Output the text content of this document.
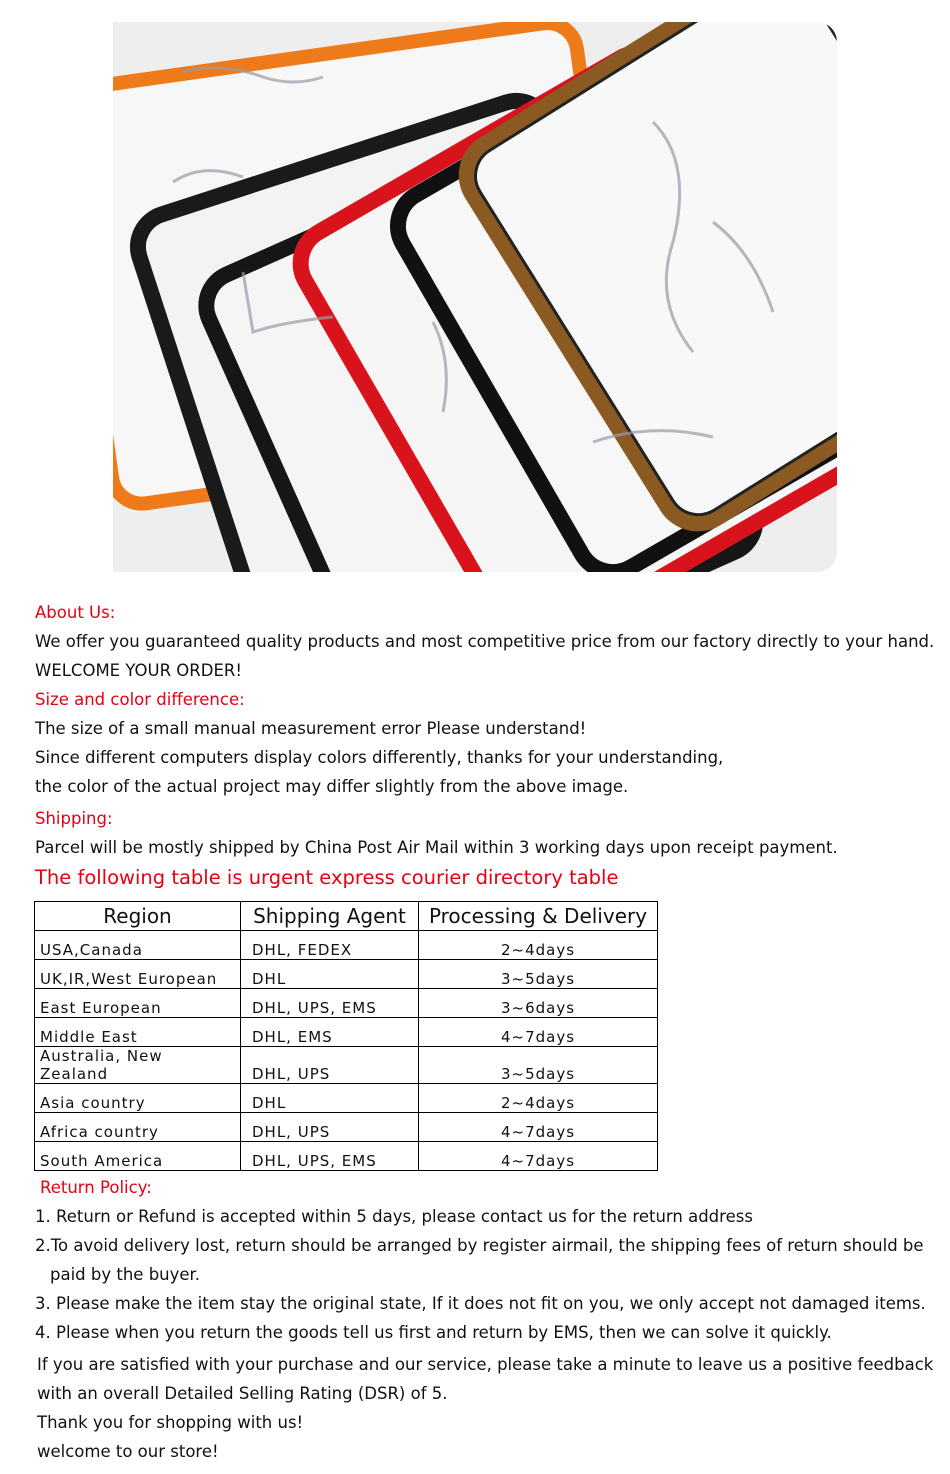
About Us:
We offer you guaranteed quality products and most competitive price from our factory directly to your hand.
WELCOME YOUR ORDER!
Size and color difference:
The size of a small manual measurement error Please understand!
Since different computers display colors differently, thanks for your understanding,
the color of the actual project may differ slightly from the above image.
Shipping:
Parcel will be mostly shipped by China Post Air Mail within 3 working days upon receipt payment.
The following table is urgent express courier directory table
Region	Shipping Agent	Processing & Delivery
USA,Canada	DHL, FEDEX	2~4days
UK,IR,West European	DHL	3~5days
East European	DHL, UPS, EMS	3~6days
Middle East	DHL, EMS	4~7days
Australia, New Zealand	DHL, UPS	3~5days
Asia country	DHL	2~4days
Africa country	DHL, UPS	4~7days
South America	DHL, UPS, EMS	4~7days
Return Policy:
1. Return or Refund is accepted within 5 days, please contact us for the return address
2.To avoid delivery lost, return should be arranged by register airmail, the shipping fees of return should be
paid by the buyer.
3. Please make the item stay the original state, If it does not fit on you, we only accept not damaged items.
4. Please when you return the goods tell us first and return by EMS, then we can solve it quickly.
If you are satisfied with your purchase and our service, please take a minute to leave us a positive feedback
with an overall Detailed Selling Rating (DSR) of 5.
Thank you for shopping with us!
welcome to our store!
